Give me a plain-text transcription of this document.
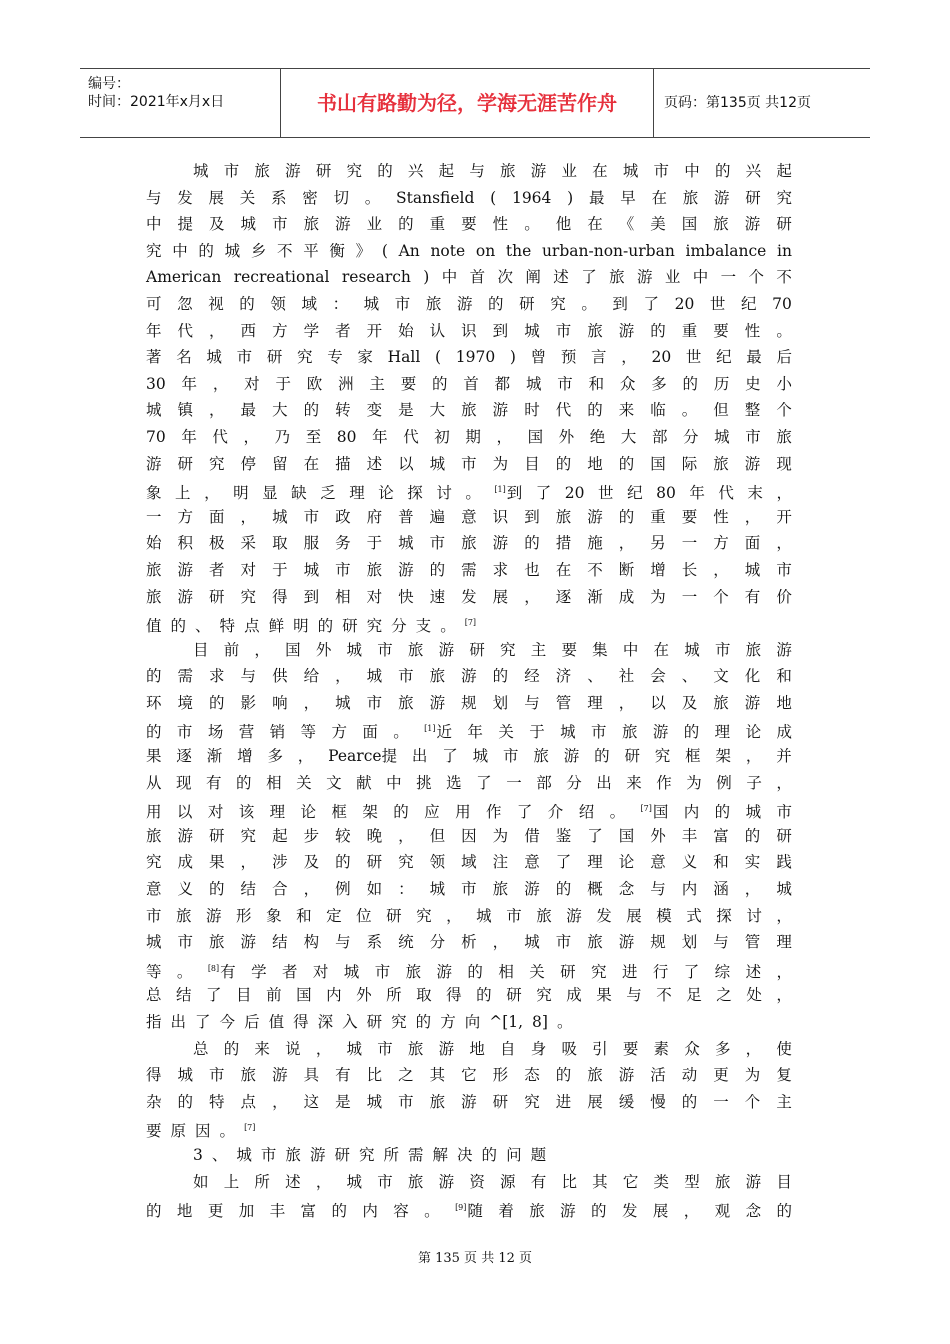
编号：
时间：2021年x月x日	书山有路勤为径，学海无涯苦作舟	页码：第135页 共12页
城 市 旅 游 研 究 的 兴 起 与 旅 游 业 在 城 市 中 的 兴 起
与 发 展 关 系 密 切 。 Stansfield ( 1964 ) 最 早 在 旅 游 研 究
中 提 及 城 市 旅 游 业 的 重 要 性 。 他 在 《 美 国 旅 游 研
究 中 的 城 乡 不 平 衡 》 ( An note on the urban-non-urban imbalance in
American recreational research ) 中 首 次 阐 述 了 旅 游 业 中 一 个 不
可 忽 视 的 领 域 ： 城 市 旅 游 的 研 究 。 到 了 20 世 纪 70
年 代 ， 西 方 学 者 开 始 认 识 到 城 市 旅 游 的 重 要 性 。
著 名 城 市 研 究 专 家 Hall ( 1970 ) 曾 预 言 ， 20 世 纪 最 后
30 年 ， 对 于 欧 洲 主 要 的 首 都 城 市 和 众 多 的 历 史 小
城 镇 ， 最 大 的 转 变 是 大 旅 游 时 代 的 来 临 。 但 整 个
70 年 代 ， 乃 至 80 年 代 初 期 ， 国 外 绝 大 部 分 城 市 旅
游 研 究 停 留 在 描 述 以 城 市 为 目 的 地 的 国 际 旅 游 现
象 上 ， 明 显 缺 乏 理 论 探 讨 。 [1]到 了 20 世 纪 80 年 代 末 ，
一 方 面 ， 城 市 政 府 普 遍 意 识 到 旅 游 的 重 要 性 ， 开
始 积 极 采 取 服 务 于 城 市 旅 游 的 措 施 ， 另 一 方 面 ，
旅 游 者 对 于 城 市 旅 游 的 需 求 也 在 不 断 增 长 ， 城 市
旅 游 研 究 得 到 相 对 快 速 发 展 ， 逐 渐 成 为 一 个 有 价
值 的 、 特 点 鲜 明 的 研 究 分 支 。 [7]
目 前 ， 国 外 城 市 旅 游 研 究 主 要 集 中 在 城 市 旅 游
的 需 求 与 供 给 ， 城 市 旅 游 的 经 济 、 社 会 、 文 化 和
环 境 的 影 响 ， 城 市 旅 游 规 划 与 管 理 ， 以 及 旅 游 地
的 市 场 营 销 等 方 面 。 [1]近 年 关 于 城 市 旅 游 的 理 论 成
果 逐 渐 增 多 ， Pearce提 出 了 城 市 旅 游 的 研 究 框 架 ， 并
从 现 有 的 相 关 文 献 中 挑 选 了 一 部 分 出 来 作 为 例 子 ，
用 以 对 该 理 论 框 架 的 应 用 作 了 介 绍 。 [7]国 内 的 城 市
旅 游 研 究 起 步 较 晚 ， 但 因 为 借 鉴 了 国 外 丰 富 的 研
究 成 果 ， 涉 及 的 研 究 领 域 注 意 了 理 论 意 义 和 实 践
意 义 的 结 合 ， 例 如 ： 城 市 旅 游 的 概 念 与 内 涵 ， 城
市 旅 游 形 象 和 定 位 研 究 ， 城 市 旅 游 发 展 模 式 探 讨 ，
城 市 旅 游 结 构 与 系 统 分 析 ， 城 市 旅 游 规 划 与 管 理
等 。 [8]有 学 者 对 城 市 旅 游 的 相 关 研 究 进 行 了 综 述 ，
总 结 了 目 前 国 内 外 所 取 得 的 研 究 成 果 与 不 足 之 处 ，
指 出 了 今 后 值 得 深 入 研 究 的 方 向 ^[1, 8] 。
总 的 来 说 ， 城 市 旅 游 地 自 身 吸 引 要 素 众 多 ， 使
得 城 市 旅 游 具 有 比 之 其 它 形 态 的 旅 游 活 动 更 为 复
杂 的 特 点 ， 这 是 城 市 旅 游 研 究 进 展 缓 慢 的 一 个 主
要 原 因 。 [7]
3 、 城 市 旅 游 研 究 所 需 解 决 的 问 题
如 上 所 述 ， 城 市 旅 游 资 源 有 比 其 它 类 型 旅 游 目
的 地 更 加 丰 富 的 内 容 。 [9]随 着 旅 游 的 发 展 ， 观 念 的
第 135 页 共 12 页
